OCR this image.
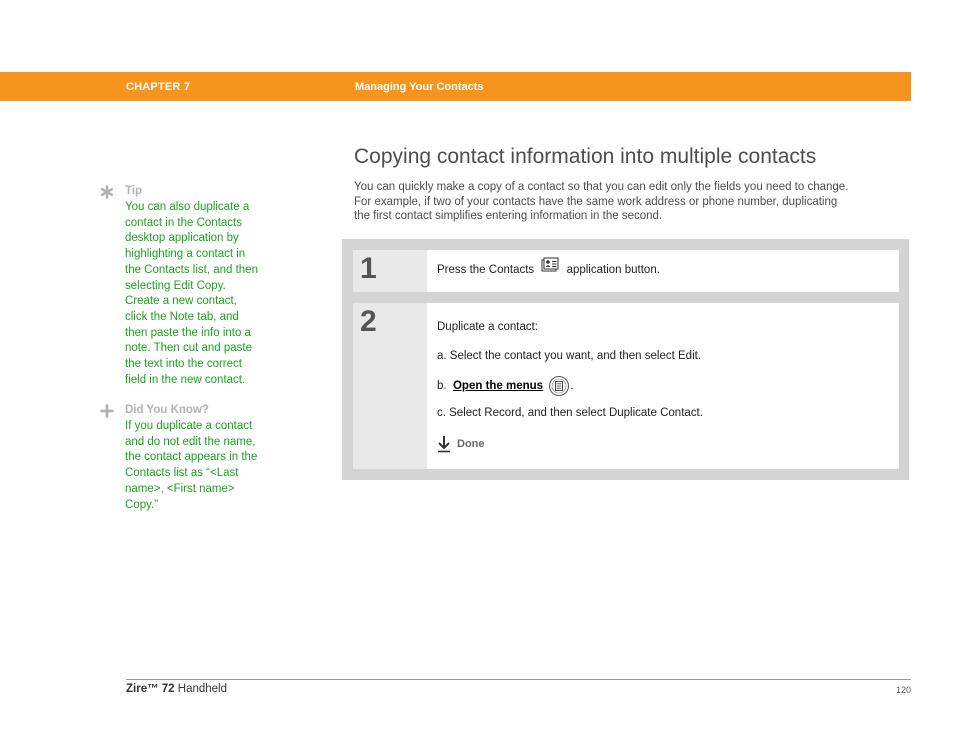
CHAPTER 7	Managing Your Contacts
Tip
You can also duplicate a
contact in the Contacts
desktop application by
highlighting a contact in
the Contacts list, and then
selecting Edit Copy.
Create a new contact,
click the Note tab, and
then paste the info into a
note. Then cut and paste
the text into the correct
field in the new contact.
Did You Know?
If you duplicate a contact
and do not edit the name,
the contact appears in the
Contacts list as “<Last
name>, <First name>
Copy.”
Copying contact information into multiple contacts
You can quickly make a copy of a contact so that you can edit only the fields you need to change.
For example, if two of your contacts have the same work address or phone number, duplicating
the first contact simplifies entering information in the second.
1	Press the Contacts	application button.
2	Duplicate a contact:
a. Select the contact you want, and then select Edit.
b. Open the menus .
c. Select Record, and then select Duplicate Contact.
Done
Zire™ 72 Handheld	120
